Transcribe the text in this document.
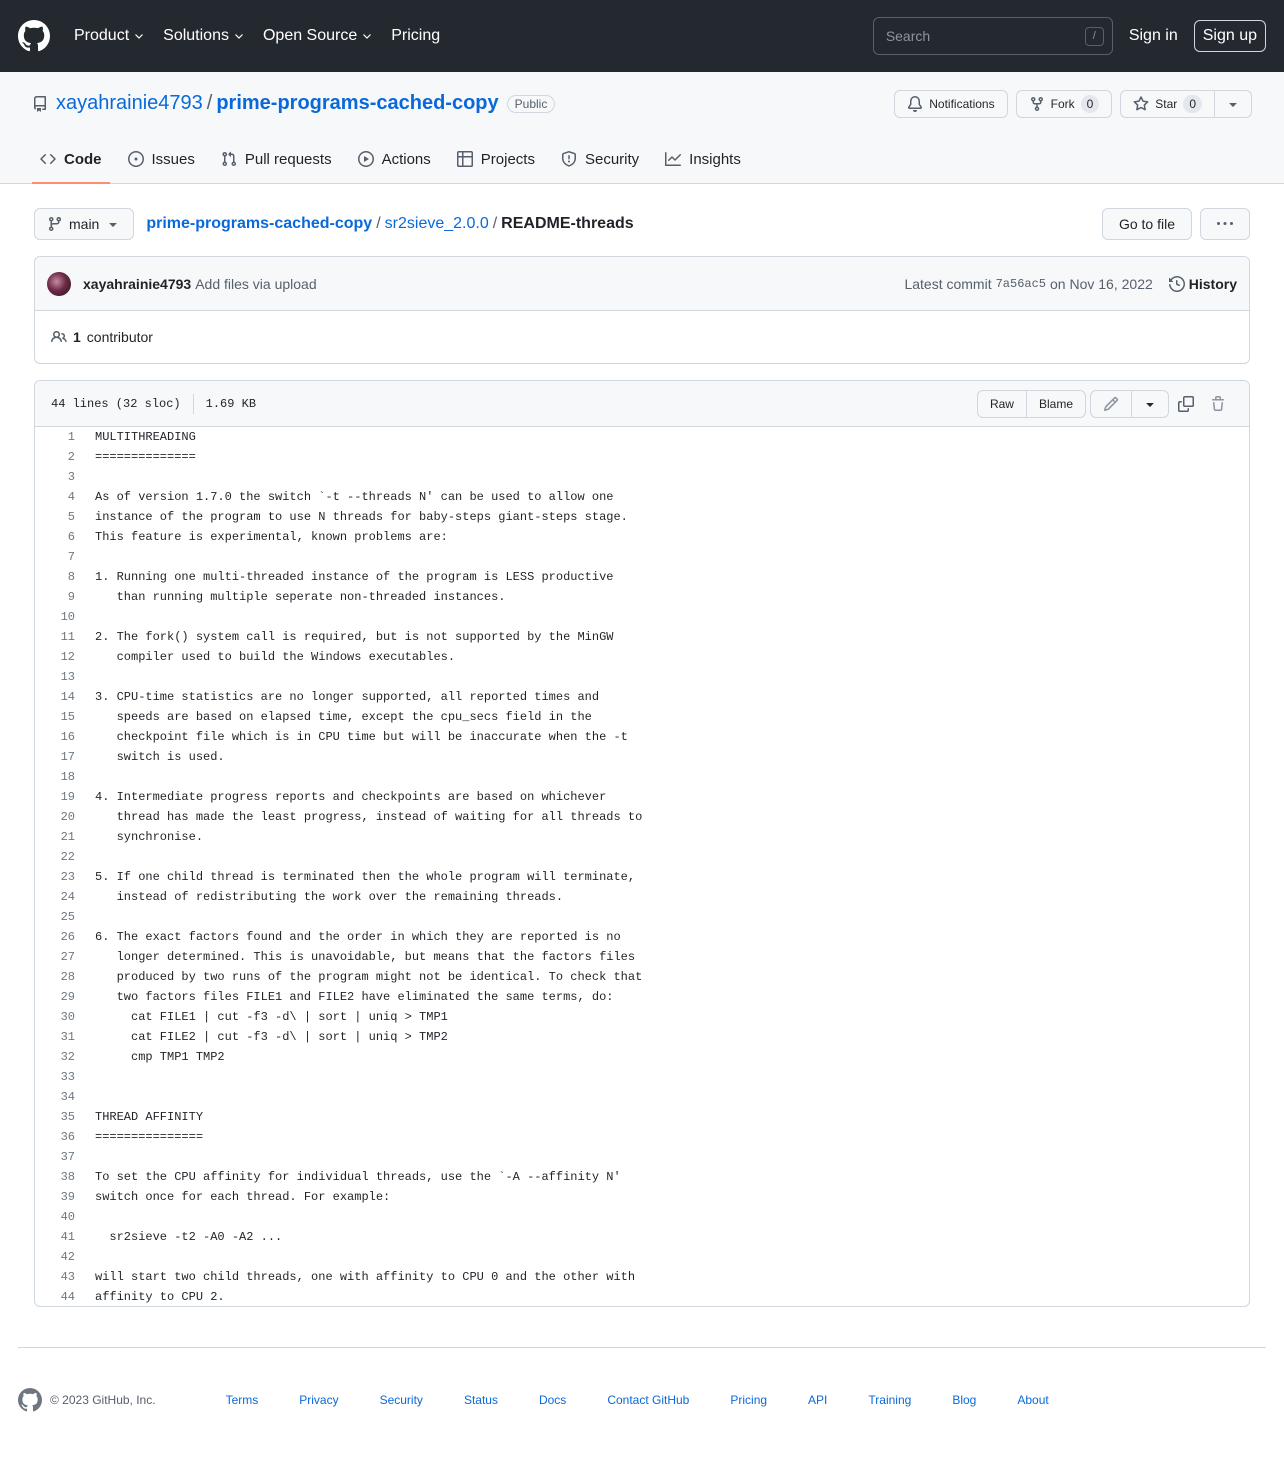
Product Solutions Open Source Pricing	Search	/	Sign in	Sign up
xayahrainie4793 / prime-programs-cached-copy	Public	Notifications	Fork	0	Star	0
Code	Issues	Pull requests	Actions	Projects	Security	Insights
main	prime-programs-cached-copy / sr2sieve_2.0.0 / README-threads	Go to file
xayahrainie4793 Add files via upload	Latest commit 7a56ac5 on Nov 16, 2022	History
1 contributor
44 lines (32 sloc) 1.69 KB	Raw	Blame
1	MULTITHREADING
2	==============
3
4	As of version 1.7.0 the switch `-t --threads N' can be used to allow one
5	instance of the program to use N threads for baby-steps giant-steps stage.
6	This feature is experimental, known problems are:
7
8	1. Running one multi-threaded instance of the program is LESS productive
9	than running multiple seperate non-threaded instances.
10
11	2. The fork() system call is required, but is not supported by the MinGW
12	compiler used to build the Windows executables.
13
14	3. CPU-time statistics are no longer supported, all reported times and
15	speeds are based on elapsed time, except the cpu_secs field in the
16	checkpoint file which is in CPU time but will be inaccurate when the -t
17	switch is used.
18
19	4. Intermediate progress reports and checkpoints are based on whichever
20	thread has made the least progress, instead of waiting for all threads to
21	synchronise.
22
23	5. If one child thread is terminated then the whole program will terminate,
24	instead of redistributing the work over the remaining threads.
25
26	6. The exact factors found and the order in which they are reported is no
27	longer determined. This is unavoidable, but means that the factors files
28	produced by two runs of the program might not be identical. To check that
29	two factors files FILE1 and FILE2 have eliminated the same terms, do:
30	cat FILE1 | cut -f3 -d\ | sort | uniq > TMP1
31	cat FILE2 | cut -f3 -d\ | sort | uniq > TMP2
32	cmp TMP1 TMP2
33
34
35	THREAD AFFINITY
36	===============
37
38	To set the CPU affinity for individual threads, use the `-A --affinity N'
39	switch once for each thread. For example:
40
41	sr2sieve -t2 -A0 -A2 ...
42
43	will start two child threads, one with affinity to CPU 0 and the other with
44	affinity to CPU 2.
© 2023 GitHub, Inc.	Terms	Privacy	Security	Status	Docs	Contact GitHub	Pricing	API	Training	Blog	About
